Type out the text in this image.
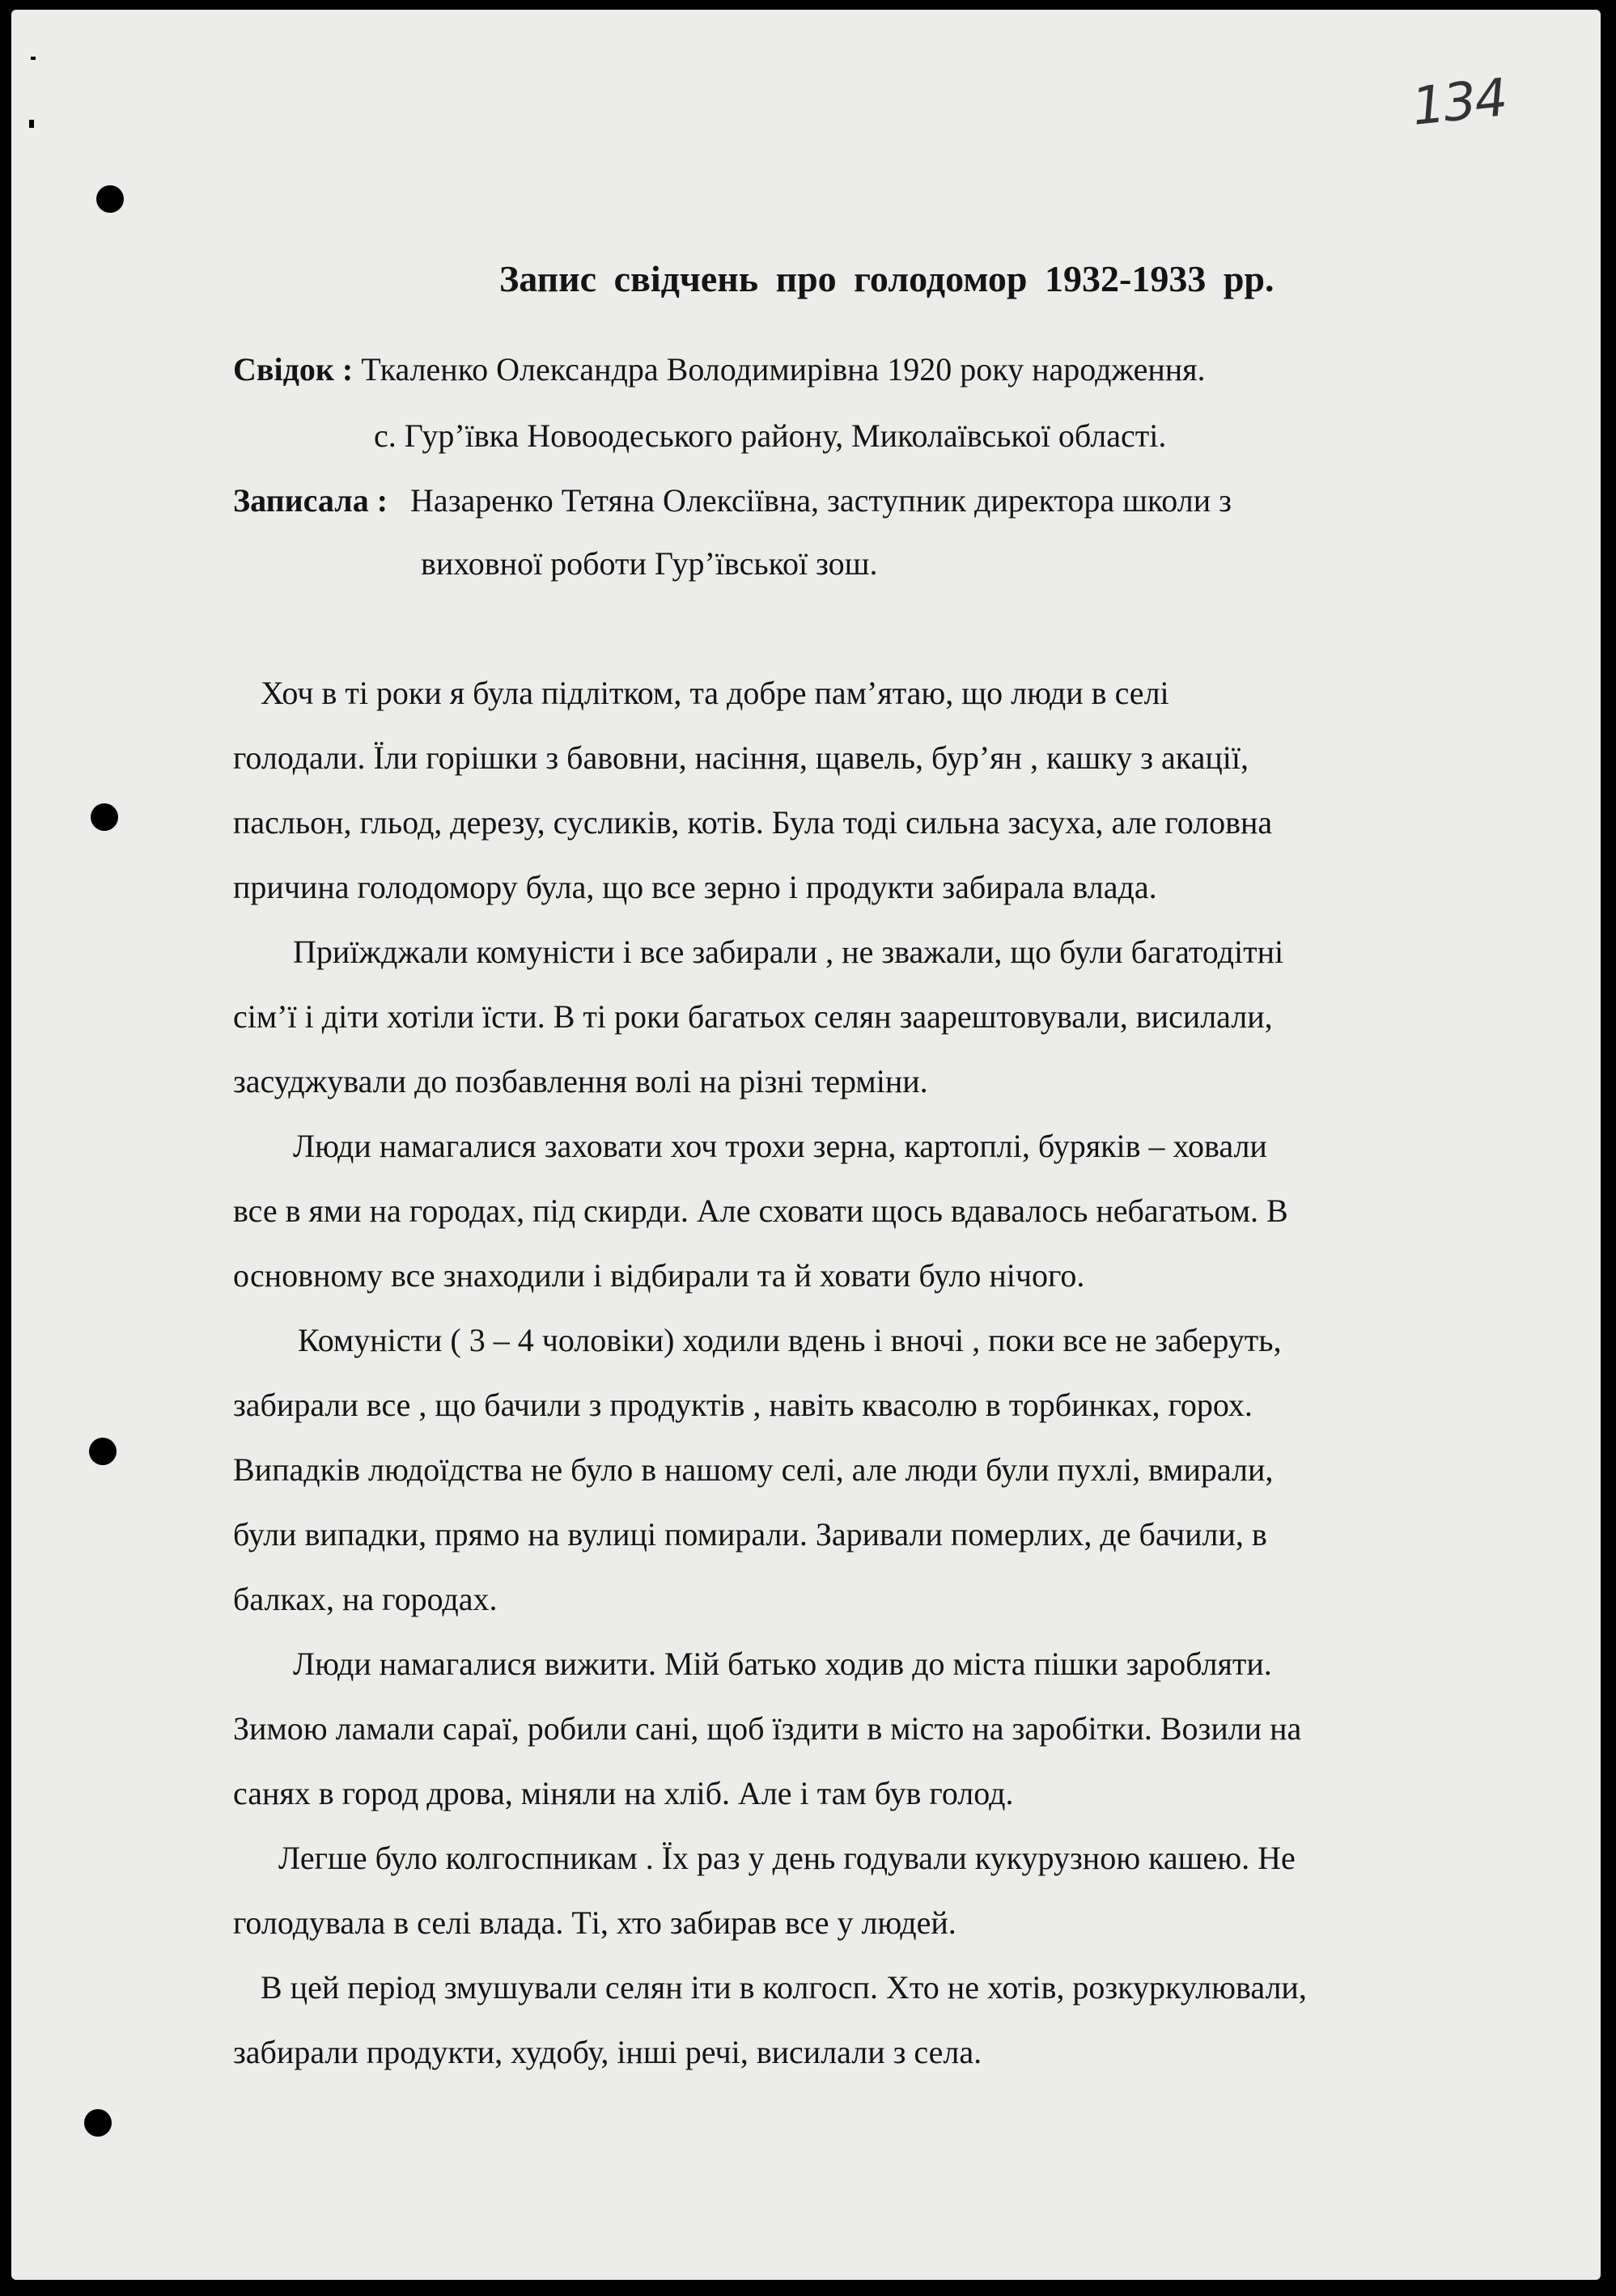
134
Запис свідчень про голодомор 1932-1933 рр.
Свідок : Ткаленко Олександра Володимирівна 1920 року народження.
с. Гур’ївка Новоодеського району, Миколаївської області.
Записала : Назаренко Тетяна Олексіївна, заступник директора школи з
виховної роботи Гур’ївської зош.
Хоч в ті роки я була підлітком, та добре пам’ятаю, що люди в селі
голодали. Їли горішки з бавовни, насіння, щавель, бур’ян , кашку з акації,
пасльон, гльод, дерезу, сусликів, котів. Була тоді сильна засуха, але головна
причина голодомору була, що все зерно і продукти забирала влада.
Приїжджали комуністи і все забирали , не зважали, що були багатодітні
сім’ї і діти хотіли їсти. В ті роки багатьох селян заарештовували, висилали,
засуджували до позбавлення волі на різні терміни.
Люди намагалися заховати хоч трохи зерна, картоплі, буряків – ховали
все в ями на городах, під скирди. Але сховати щось вдавалось небагатьом. В
основному все знаходили і відбирали та й ховати було нічого.
Комуністи ( 3 – 4 чоловіки) ходили вдень і вночі , поки все не заберуть,
забирали все , що бачили з продуктів , навіть квасолю в торбинках, горох.
Випадків людоїдства не було в нашому селі, але люди були пухлі, вмирали,
були випадки, прямо на вулиці помирали. Заривали померлих, де бачили, в
балках, на городах.
Люди намагалися вижити. Мій батько ходив до міста пішки заробляти.
Зимою ламали сараї, робили сані, щоб їздити в місто на заробітки. Возили на
санях в город дрова, міняли на хліб. Але і там був голод.
Легше було колгоспникам . Їх раз у день годували кукурузною кашею. Не
голодувала в селі влада. Ті, хто забирав все у людей.
В цей період змушували селян іти в колгосп. Хто не хотів, розкуркулювали,
забирали продукти, худобу, інші речі, висилали з села.
